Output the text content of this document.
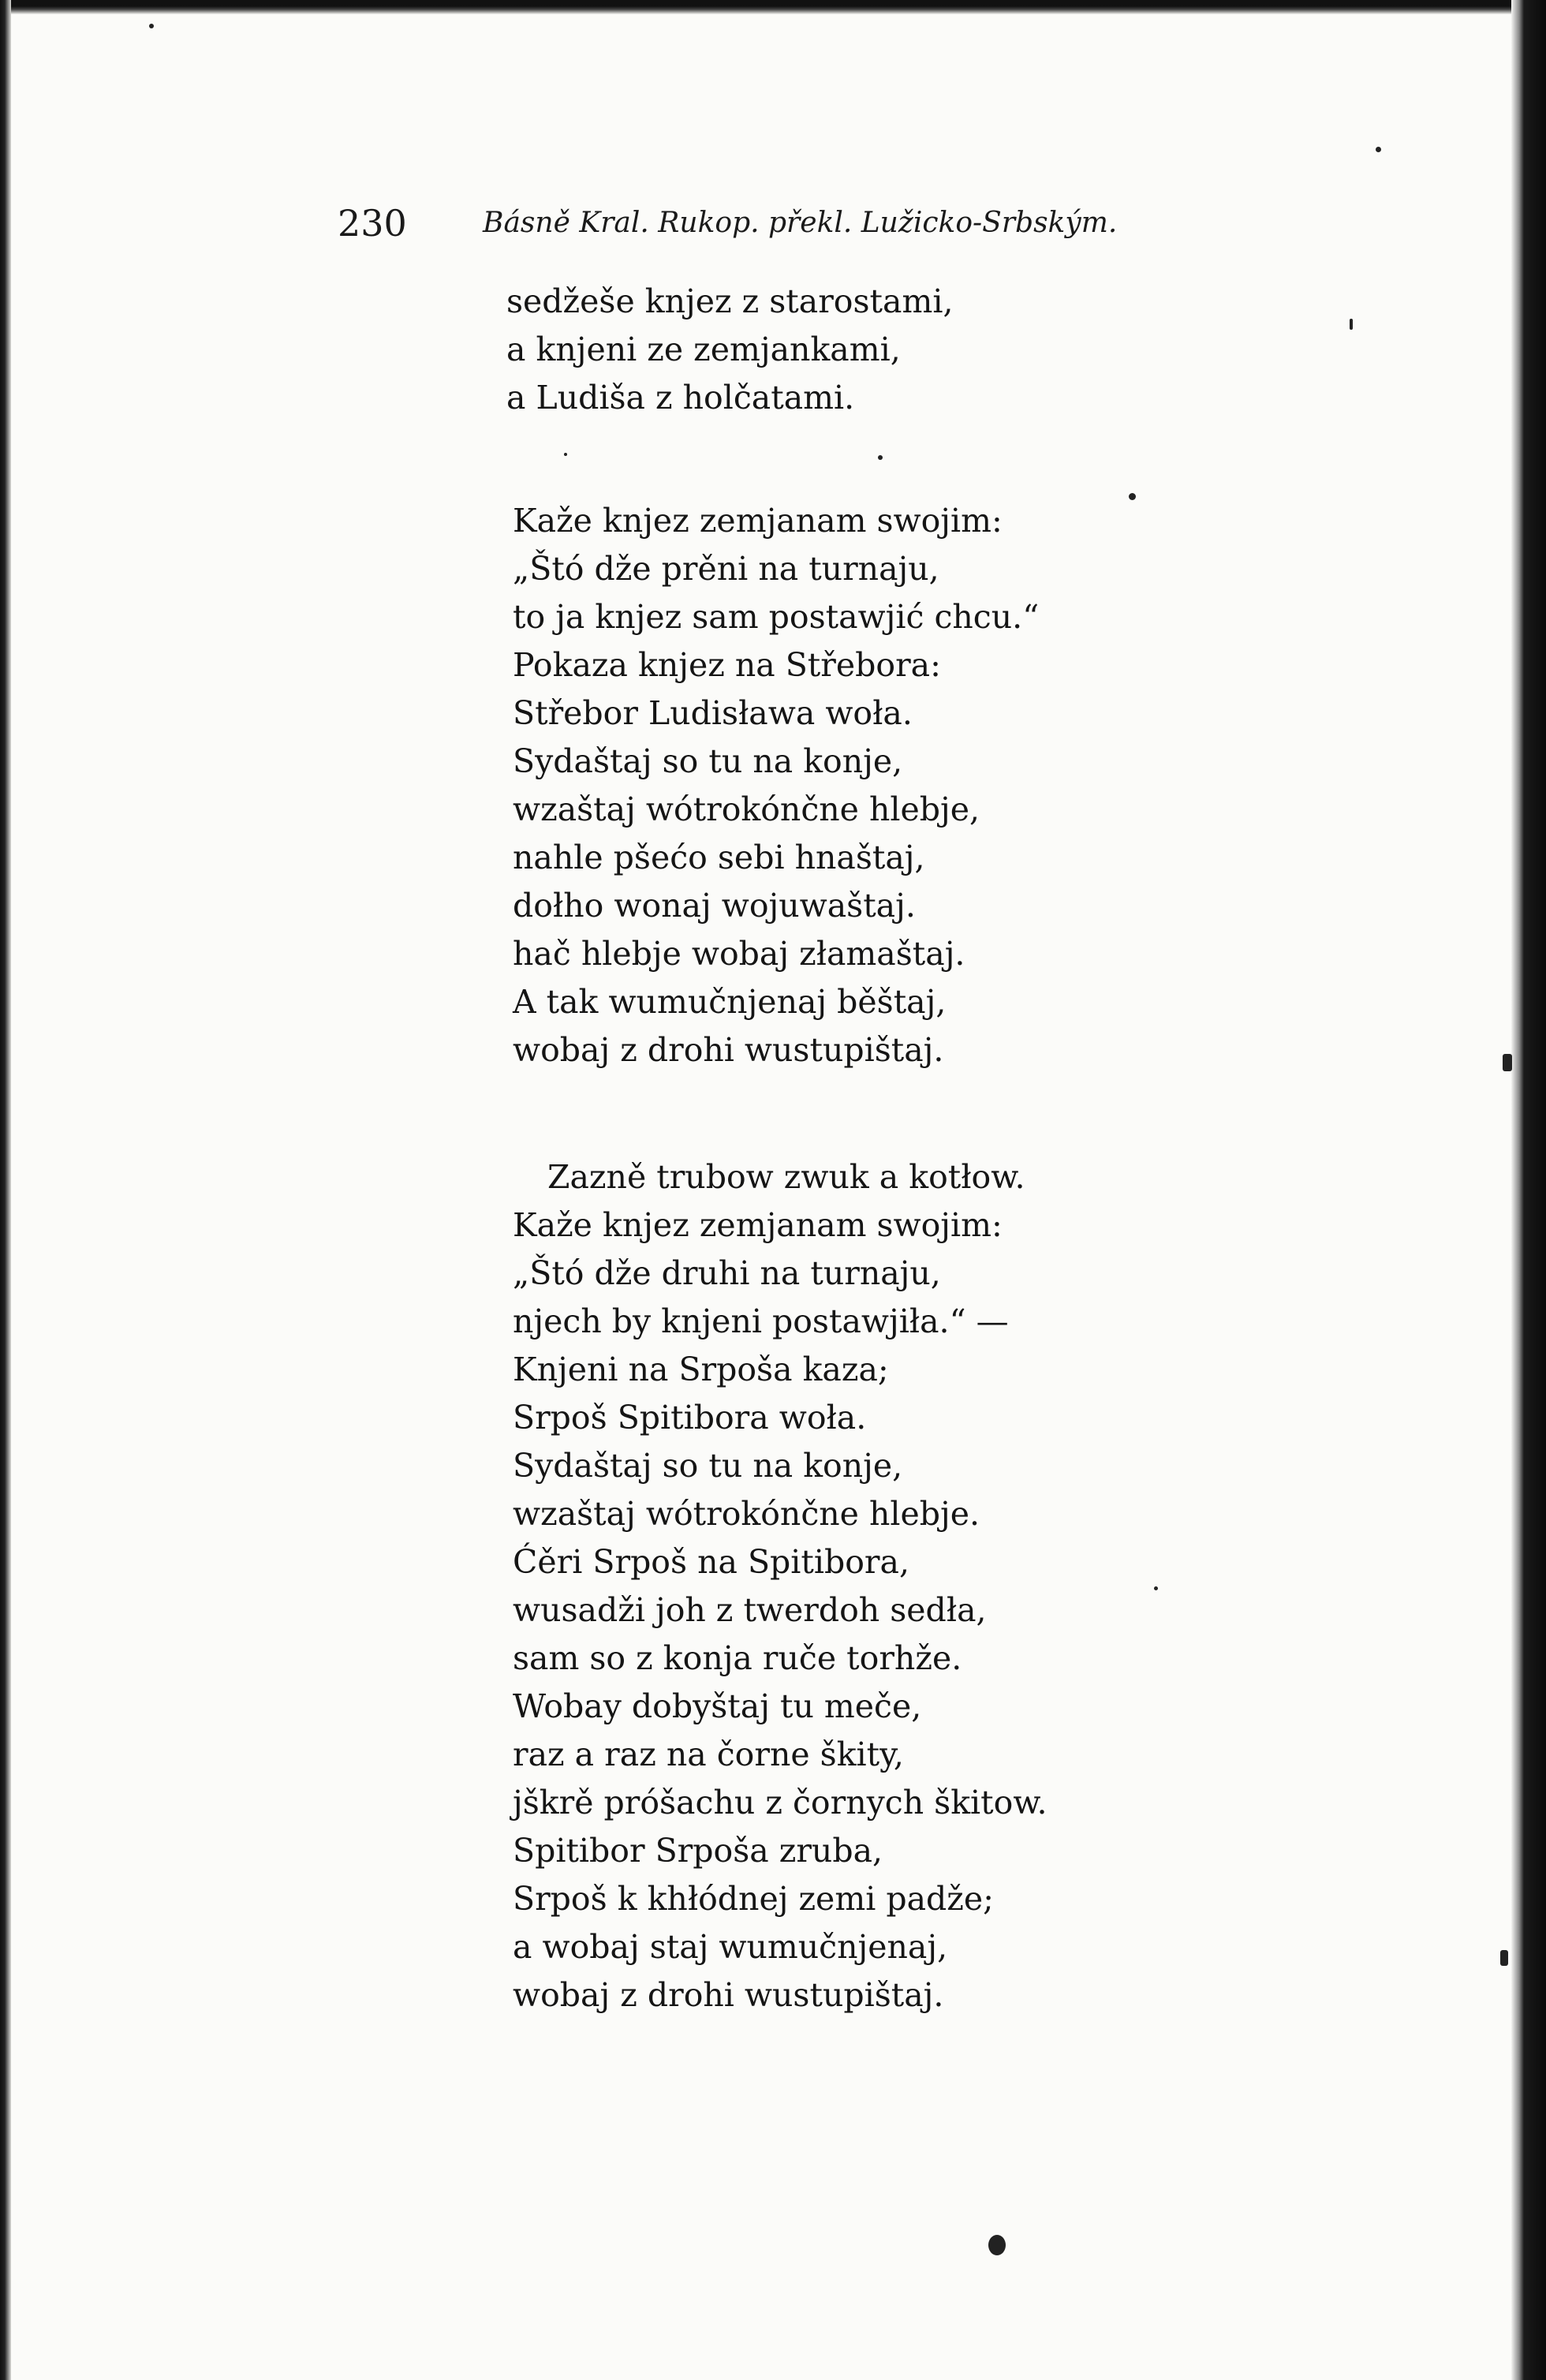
230	Básně Kral. Rukop. překl. Lužicko-Srbským.
sedžeše knjez z starostami,
a knjeni ze zemjankami,
a Ludiša z holčatami.
Kaže knjez zemjanam swojim:
„Štó dže prěni na turnaju,
to ja knjez sam postawjić chcu.“
Pokaza knjez na Střebora:
Střebor Ludisława woła.
Sydaštaj so tu na konje,
wzaštaj wótrokónčne hlebje,
nahle pšećo sebi hnaštaj,
dołho wonaj wojuwaštaj.
hač hlebje wobaj złamaštaj.
A tak wumučnjenaj běštaj,
wobaj z drohi wustupištaj.
Zazně trubow zwuk a kotłow.
Kaže knjez zemjanam swojim:
„Štó dže druhi na turnaju,
njech by knjeni postawjiła.“ —
Knjeni na Srpoša kaza;
Srpoš Spitibora woła.
Sydaštaj so tu na konje,
wzaštaj wótrokónčne hlebje.
Ćěri Srpoš na Spitibora,
wusadži joh z twerdoh sedła,
sam so z konja ruče torhže.
Wobay dobyštaj tu meče,
raz a raz na čorne škity,
jškrě próšachu z čornych škitow.
Spitibor Srpoša zruba,
Srpoš k khłódnej zemi padže;
a wobaj staj wumučnjenaj,
wobaj z drohi wustupištaj.
